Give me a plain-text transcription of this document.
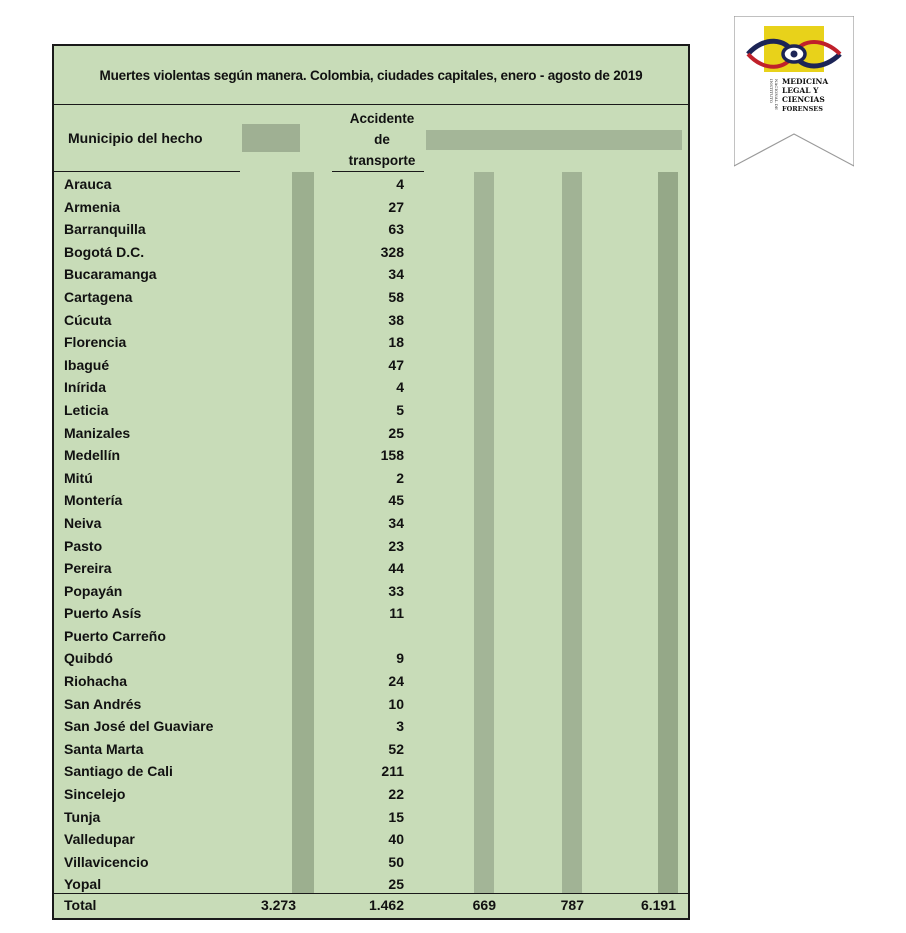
Muertes violentas según manera. Colombia, ciudades capitales, enero - agosto de 2019
Municipio del hecho
Accidente
de
transporte
Arauca	4
Armenia	27
Barranquilla	63
Bogotá D.C.	328
Bucaramanga	34
Cartagena	58
Cúcuta	38
Florencia	18
Ibagué	47
Inírida	4
Leticia	5
Manizales	25
Medellín	158
Mitú	2
Montería	45
Neiva	34
Pasto	23
Pereira	44
Popayán	33
Puerto Asís	11
Puerto Carreño
Quibdó	9
Riohacha	24
San Andrés	10
San José del Guaviare	3
Santa Marta	52
Santiago de Cali	211
Sincelejo	22
Tunja	15
Valledupar	40
Villavicencio	50
Yopal	25
Total	3.273	1.462	669	787	6.191
INSTITUTO NACIONAL DE MEDICINA
LEGAL Y
CIENCIAS
FORENSES
